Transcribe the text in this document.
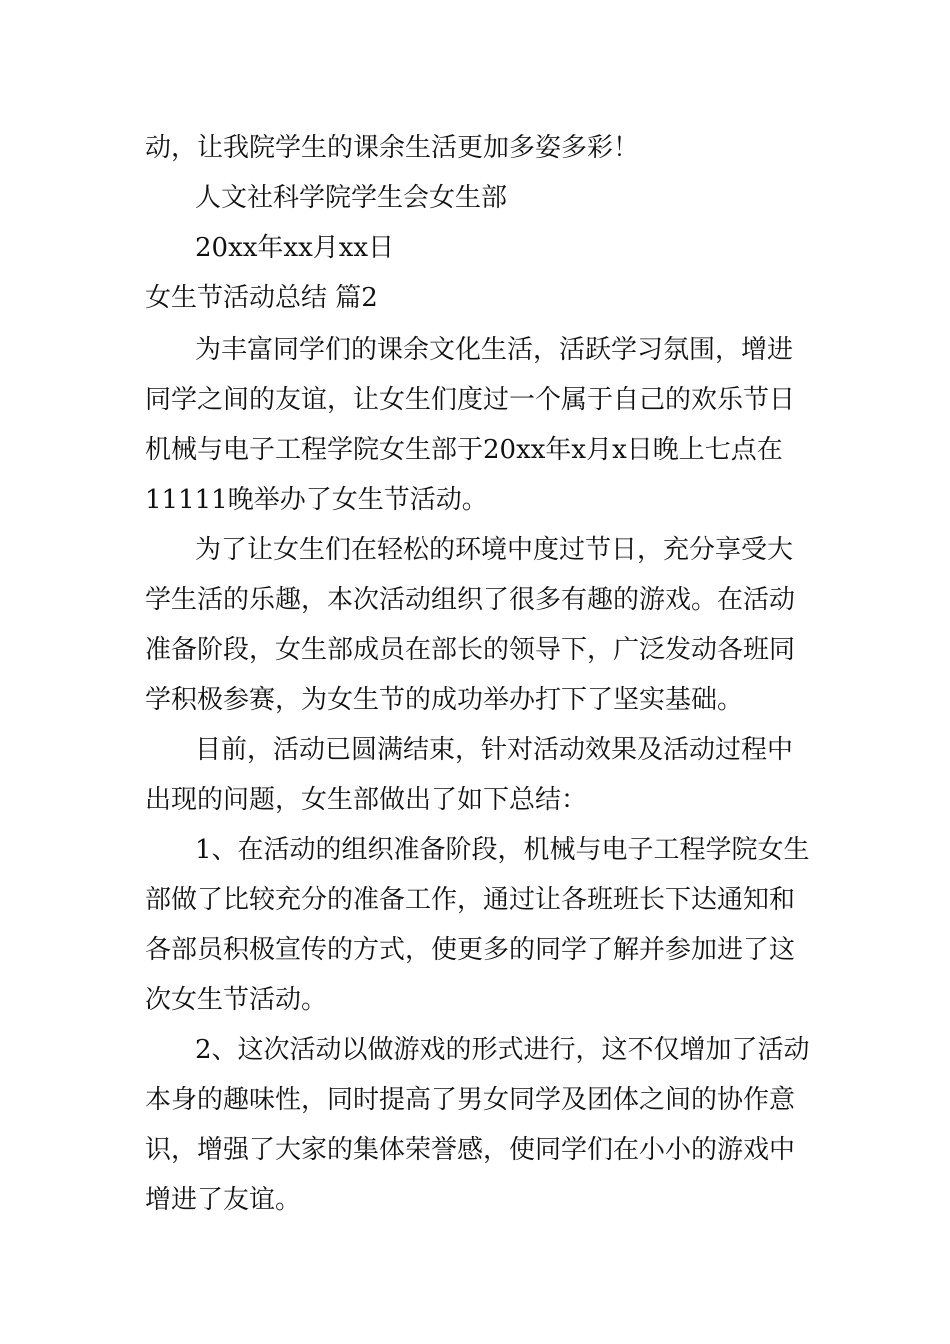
动，让我院学生的课余生活更加多姿多彩！
人文社科学院学生会女生部
20xx年xx月xx日
女生节活动总结 篇2
为丰富同学们的课余文化生活，活跃学习氛围，增进
同学之间的友谊，让女生们度过一个属于自己的欢乐节日
机械与电子工程学院女生部于20xx年x月x日晚上七点在
11111晚举办了女生节活动。
为了让女生们在轻松的环境中度过节日，充分享受大
学生活的乐趣，本次活动组织了很多有趣的游戏。在活动
准备阶段，女生部成员在部长的领导下，广泛发动各班同
学积极参赛，为女生节的成功举办打下了坚实基础。
目前，活动已圆满结束，针对活动效果及活动过程中
出现的问题，女生部做出了如下总结：
1、在活动的组织准备阶段，机械与电子工程学院女生
部做了比较充分的准备工作，通过让各班班长下达通知和
各部员积极宣传的方式，使更多的同学了解并参加进了这
次女生节活动。
2、这次活动以做游戏的形式进行，这不仅增加了活动
本身的趣味性，同时提高了男女同学及团体之间的协作意
识，增强了大家的集体荣誉感，使同学们在小小的游戏中
增进了友谊。
